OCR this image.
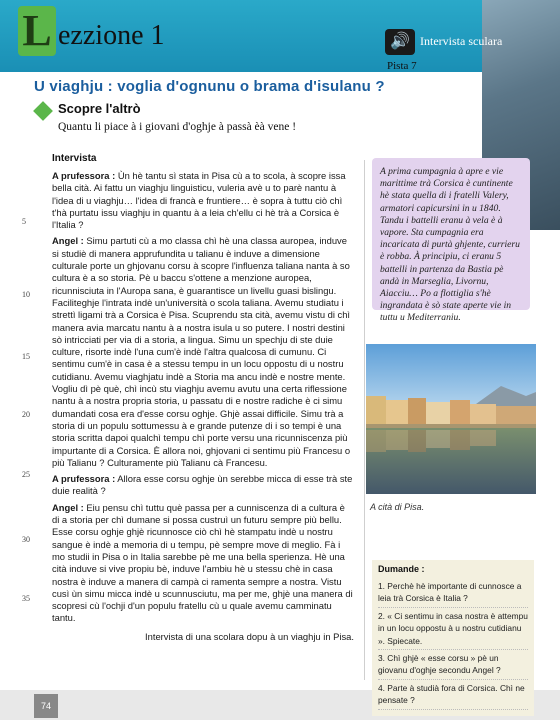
L ezzione 1	🔊 Intervista sculara
Pista 7
U viaghju : voglia d'ognunu o brama d'isulanu ?
Scopre l'altrò
Quantu li piace à i giovani d'oghje à passà èà vene !
Intervista
5
10
15
20
25
30
35

A prufessora : Ùn hè tantu sì stata in Pisa cù a to scola, à scopre issa bella cità. Ai fattu un viaghju linguisticu, vuleria avè u to parè nantu à l'idea di u viaghju… l'idea di francà e fruntiere… è sopra à tuttu ciò chì t'hà purtatu issu viaghju in quantu à a leia ch'ellu ci hè trà a Corsica è l'Italia ?

Angel : Simu partuti cù a mo classa chì hè una classa auropea, induve si studiè di manera apprufundita u talianu è induve a dimensione culturale porte un ghjovanu corsu à scopre l'influenza taliana nanta à so cultura è a so storia. Pè u baccu s'ottene a menzione auropea, ricunnisciuta in l'Auropa sana, è guarantisce un livellu guasi bislingu. Faciliteghje l'intrata indè un'università o scola taliana. Avemu studiatu i strettì ligami trà a Corsica è Pisa. Scuprendu sta cità, avemu vistu di chì manera avia marcatu nantu à a nostra isula u so putere. I nostri destini sò intricciati per via di a storia, a lingua. Simu un spechju di ste duie culture, risorte indè l'una cum'è indè l'altra qualcosa di cumunu. Ci sentimu cum'è in casa è a stessu tempu in un locu oppostu di u nostru cutidianu. Avemu viaghjatu indè a Storia ma ancu indè e nostre mente. Vogliu dì pè què, chì incù stu viaghju avemu avutu una certa riflessione nantu à a nostra propria storia, u passatu di e nostre radiche è ci simu dumandati cosa era d'esse corsu oghje. Ghjè assai difficile. Simu trà a storia di un populu sottumessu à e grande putenze di i so tempi è una storia scritta dapoi qualchì tempu chì porte versu una ricunniscenza più impurtante di a Corsica. È allora noi, ghjovani ci sentimu più Francesu o più Talianu ? Culturamente più Talianu cà Francesu.

A prufessora : Allora esse corsu oghje ùn serebbe micca di esse trà ste duie realità ?

Angel : Eiu pensu chì tuttu què passa per a cunniscenza di a cultura è di a storia per chì dumane si possa custruì un futuru sempre più bellu. Esse corsu oghje ghjè ricunnosce ciò chì hè stampatu indè u nostru sangue è indè a memoria di u tempu, pè sempre move di meglio. Fà i mo studii in Pisa o in Italia sarebbe pè me una bella sperienza. Hè una cità induve si vive propiu bè, induve l'ambiu hè u stessu chè in casa nostra è induve a manera di campà ci ramenta sempre a nostra. Vistu cusì ùn simu micca indè u scunnusciutu, ma per me, ghjè una manera di scopresi cù l'ochji d'un populu fratellu cù u quale avemu camminatu tantu.

Intervista di una scolara dopu à un viaghju in Pisa.

A prima cumpagnia à apre e vie marittime trà Corsica è cuntinente hè stata quella di i fratelli Valery, armatori capicursini in u 1840. Tandu i battelli eranu à vela è à vapore. Sta cumpagnia era incaricata di purtà ghjente, currieru è robba. À principiu, ci eranu 5 battelli in partenza da Bastia pè andà in Marseglia, Livornu, Aiacciu… Po a flottiglia s'hè ingrandata è sò state aperte vie in tuttu u Mediterraniu.
A cità di Pisa.
Dumande :
1. Perchè hè importante di cunnosce a leia trà Corsica è Italia ?
2. « Ci sentimu in casa nostra è attempu in un locu oppostu à u nostru cutidianu ». Spiecate.
3. Chì ghjè « esse corsu » pè un giovanu d'oghje secondu Angel ?
4. Parte à studià fora di Corsica. Chì ne pensate ?
74
